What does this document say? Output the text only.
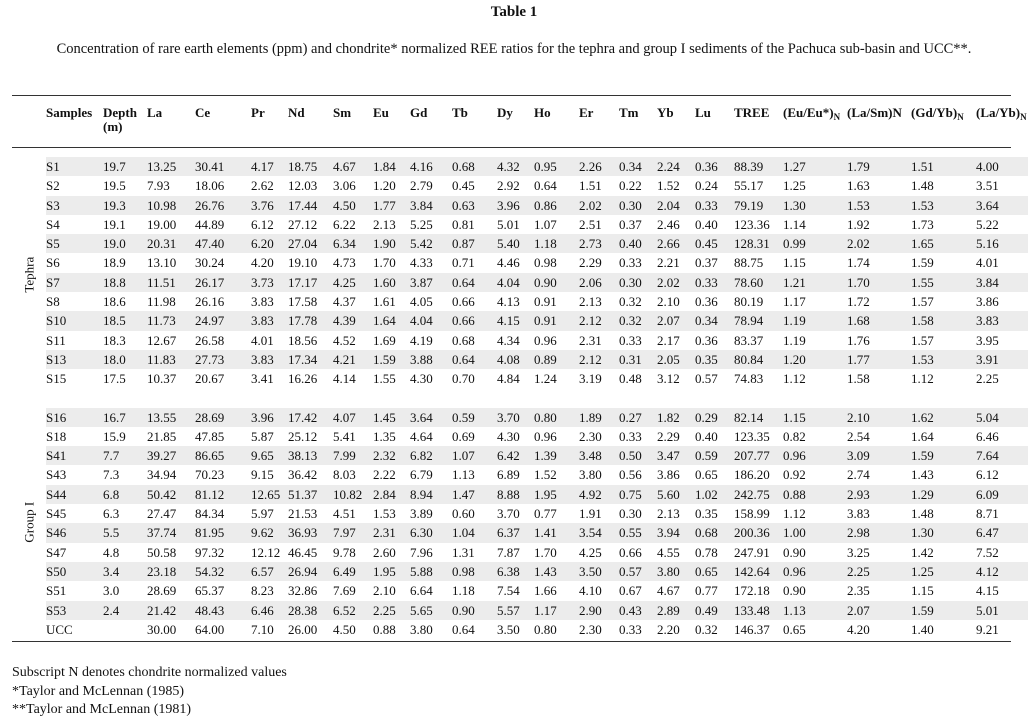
Table 1
Concentration of rare earth elements (ppm) and chondrite* normalized REE ratios for the tephra and group I sediments of the Pachuca sub-basin and UCC**.
	Samples	Depth (m)	La	Ce	Pr	Nd	Sm	Eu	Gd	Tb	Dy	Ho	Er	Tm	Yb	Lu	TREE	$(Eu/Eu*)_N$	(La/Sm)N	$(Gd/Yb)_N$	$(La/Yb)_N$

Tephra	S1	19.7	13.25	30.41	4.17	18.75	4.67	1.84	4.16	0.68	4.32	0.95	2.26	0.34	2.24	0.36	88.39	1.27	1.79	1.51	4.00
	S2	19.5	7.93	18.06	2.62	12.03	3.06	1.20	2.79	0.45	2.92	0.64	1.51	0.22	1.52	0.24	55.17	1.25	1.63	1.48	3.51
	S3	19.3	10.98	26.76	3.76	17.44	4.50	1.77	3.84	0.63	3.96	0.86	2.02	0.30	2.04	0.33	79.19	1.30	1.53	1.53	3.64
	S4	19.1	19.00	44.89	6.12	27.12	6.22	2.13	5.25	0.81	5.01	1.07	2.51	0.37	2.46	0.40	123.36	1.14	1.92	1.73	5.22
	S5	19.0	20.31	47.40	6.20	27.04	6.34	1.90	5.42	0.87	5.40	1.18	2.73	0.40	2.66	0.45	128.31	0.99	2.02	1.65	5.16
	S6	18.9	13.10	30.24	4.20	19.10	4.73	1.70	4.33	0.71	4.46	0.98	2.29	0.33	2.21	0.37	88.75	1.15	1.74	1.59	4.01
	S7	18.8	11.51	26.17	3.73	17.17	4.25	1.60	3.87	0.64	4.04	0.90	2.06	0.30	2.02	0.33	78.60	1.21	1.70	1.55	3.84
	S8	18.6	11.98	26.16	3.83	17.58	4.37	1.61	4.05	0.66	4.13	0.91	2.13	0.32	2.10	0.36	80.19	1.17	1.72	1.57	3.86
	S10	18.5	11.73	24.97	3.83	17.78	4.39	1.64	4.04	0.66	4.15	0.91	2.12	0.32	2.07	0.34	78.94	1.19	1.68	1.58	3.83
	S11	18.3	12.67	26.58	4.01	18.56	4.52	1.69	4.19	0.68	4.34	0.96	2.31	0.33	2.17	0.36	83.37	1.19	1.76	1.57	3.95
	S13	18.0	11.83	27.73	3.83	17.34	4.21	1.59	3.88	0.64	4.08	0.89	2.12	0.31	2.05	0.35	80.84	1.20	1.77	1.53	3.91
	S15	17.5	10.37	20.67	3.41	16.26	4.14	1.55	4.30	0.70	4.84	1.24	3.19	0.48	3.12	0.57	74.83	1.12	1.58	1.12	2.25

Group I	S16	16.7	13.55	28.69	3.96	17.42	4.07	1.45	3.64	0.59	3.70	0.80	1.89	0.27	1.82	0.29	82.14	1.15	2.10	1.62	5.04
	S18	15.9	21.85	47.85	5.87	25.12	5.41	1.35	4.64	0.69	4.30	0.96	2.30	0.33	2.29	0.40	123.35	0.82	2.54	1.64	6.46
	S41	7.7	39.27	86.65	9.65	38.13	7.99	2.32	6.82	1.07	6.42	1.39	3.48	0.50	3.47	0.59	207.77	0.96	3.09	1.59	7.64
	S43	7.3	34.94	70.23	9.15	36.42	8.03	2.22	6.79	1.13	6.89	1.52	3.80	0.56	3.86	0.65	186.20	0.92	2.74	1.43	6.12
	S44	6.8	50.42	81.12	12.65	51.37	10.82	2.84	8.94	1.47	8.88	1.95	4.92	0.75	5.60	1.02	242.75	0.88	2.93	1.29	6.09
	S45	6.3	27.47	84.34	5.97	21.53	4.51	1.53	3.89	0.60	3.70	0.77	1.91	0.30	2.13	0.35	158.99	1.12	3.83	1.48	8.71
	S46	5.5	37.74	81.95	9.62	36.93	7.97	2.31	6.30	1.04	6.37	1.41	3.54	0.55	3.94	0.68	200.36	1.00	2.98	1.30	6.47
	S47	4.8	50.58	97.32	12.12	46.45	9.78	2.60	7.96	1.31	7.87	1.70	4.25	0.66	4.55	0.78	247.91	0.90	3.25	1.42	7.52
	S50	3.4	23.18	54.32	6.57	26.94	6.49	1.95	5.88	0.98	6.38	1.43	3.50	0.57	3.80	0.65	142.64	0.96	2.25	1.25	4.12
	S51	3.0	28.69	65.37	8.23	32.86	7.69	2.10	6.64	1.18	7.54	1.66	4.10	0.67	4.67	0.77	172.18	0.90	2.35	1.15	4.15
	S53	2.4	21.42	48.43	6.46	28.38	6.52	2.25	5.65	0.90	5.57	1.17	2.90	0.43	2.89	0.49	133.48	1.13	2.07	1.59	5.01
	UCC		30.00	64.00	7.10	26.00	4.50	0.88	3.80	0.64	3.50	0.80	2.30	0.33	2.20	0.32	146.37	0.65	4.20	1.40	9.21
Subscript N denotes chondrite normalized values
*Taylor and McLennan (1985)
**Taylor and McLennan (1981)
